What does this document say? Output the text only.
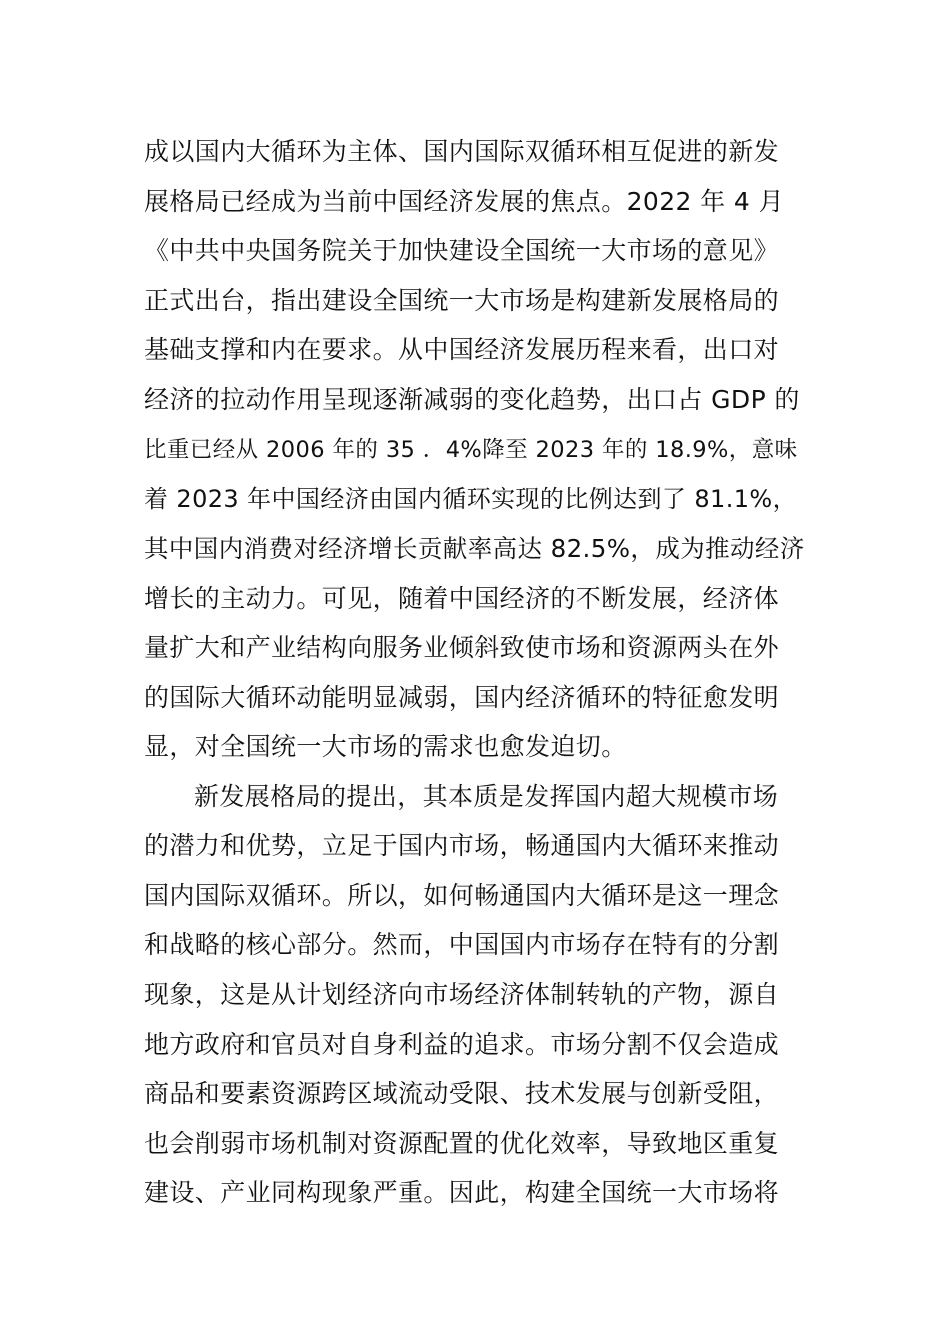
成以国内大循环为主体、国内国际双循环相互促进的新发
展格局已经成为当前中国经济发展的焦点。2022 年 4 月
《中共中央国务院关于加快建设全国统一大市场的意见》
正式出台，指出建设全国统一大市场是构建新发展格局的
基础支撑和内在要求。从中国经济发展历程来看，出口对
经济的拉动作用呈现逐渐减弱的变化趋势，出口占 GDP 的
比重已经从 2006 年的 35 ．4%降至 2023 年的 18.9%，意味
着 2023 年中国经济由国内循环实现的比例达到了 81.1%，
其中国内消费对经济增长贡献率高达 82.5%，成为推动经济
增长的主动力。可见，随着中国经济的不断发展，经济体
量扩大和产业结构向服务业倾斜致使市场和资源两头在外
的国际大循环动能明显减弱，国内经济循环的特征愈发明
显，对全国统一大市场的需求也愈发迫切。
新发展格局的提出，其本质是发挥国内超大规模市场
的潜力和优势，立足于国内市场，畅通国内大循环来推动
国内国际双循环。所以，如何畅通国内大循环是这一理念
和战略的核心部分。然而，中国国内市场存在特有的分割
现象，这是从计划经济向市场经济体制转轨的产物，源自
地方政府和官员对自身利益的追求。市场分割不仅会造成
商品和要素资源跨区域流动受限、技术发展与创新受阻，
也会削弱市场机制对资源配置的优化效率，导致地区重复
建设、产业同构现象严重。因此，构建全国统一大市场将
